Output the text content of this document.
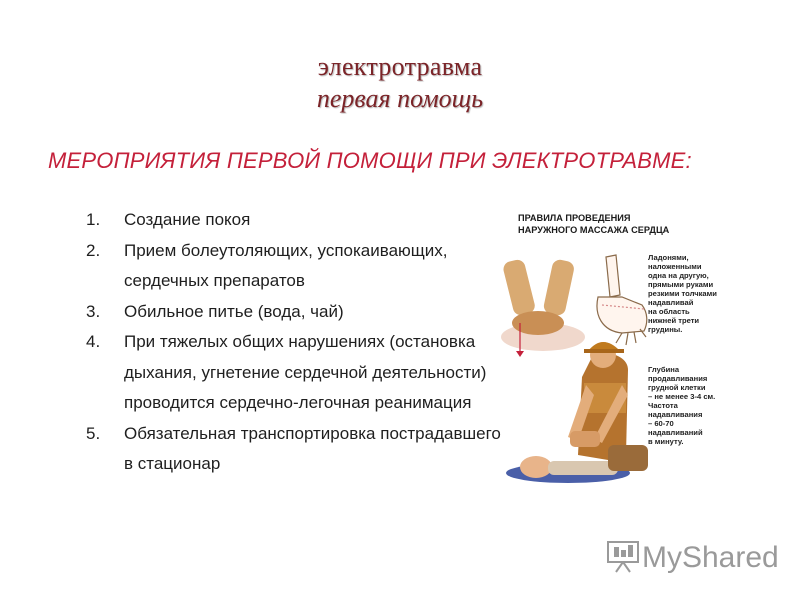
электротравма
первая помощь
МЕРОПРИЯТИЯ ПЕРВОЙ ПОМОЩИ ПРИ ЭЛЕКТРОТРАВМЕ:
1. Создание покоя
2. Прием болеутоляющих, успокаивающих, сердечных препаратов
3. Обильное питье (вода, чай)
4. При тяжелых общих нарушениях (остановка дыхания, угнетение сердечной деятельности) проводится сердечно-легочная реанимация
5. Обязательная транспортировка пострадавшего в стационар
ПРАВИЛА ПРОВЕДЕНИЯ
НАРУЖНОГО МАССАЖА СЕРДЦА
Ладонями,
наложенными
одна на другую,
прямыми руками
резкими толчками
надавливай
на область
нижней трети
грудины.
Глубина
продавливания
грудной клетки
– не менее 3-4 см.
Частота
надавливания
– 60-70
надавливаний
в минуту.
MyShared
